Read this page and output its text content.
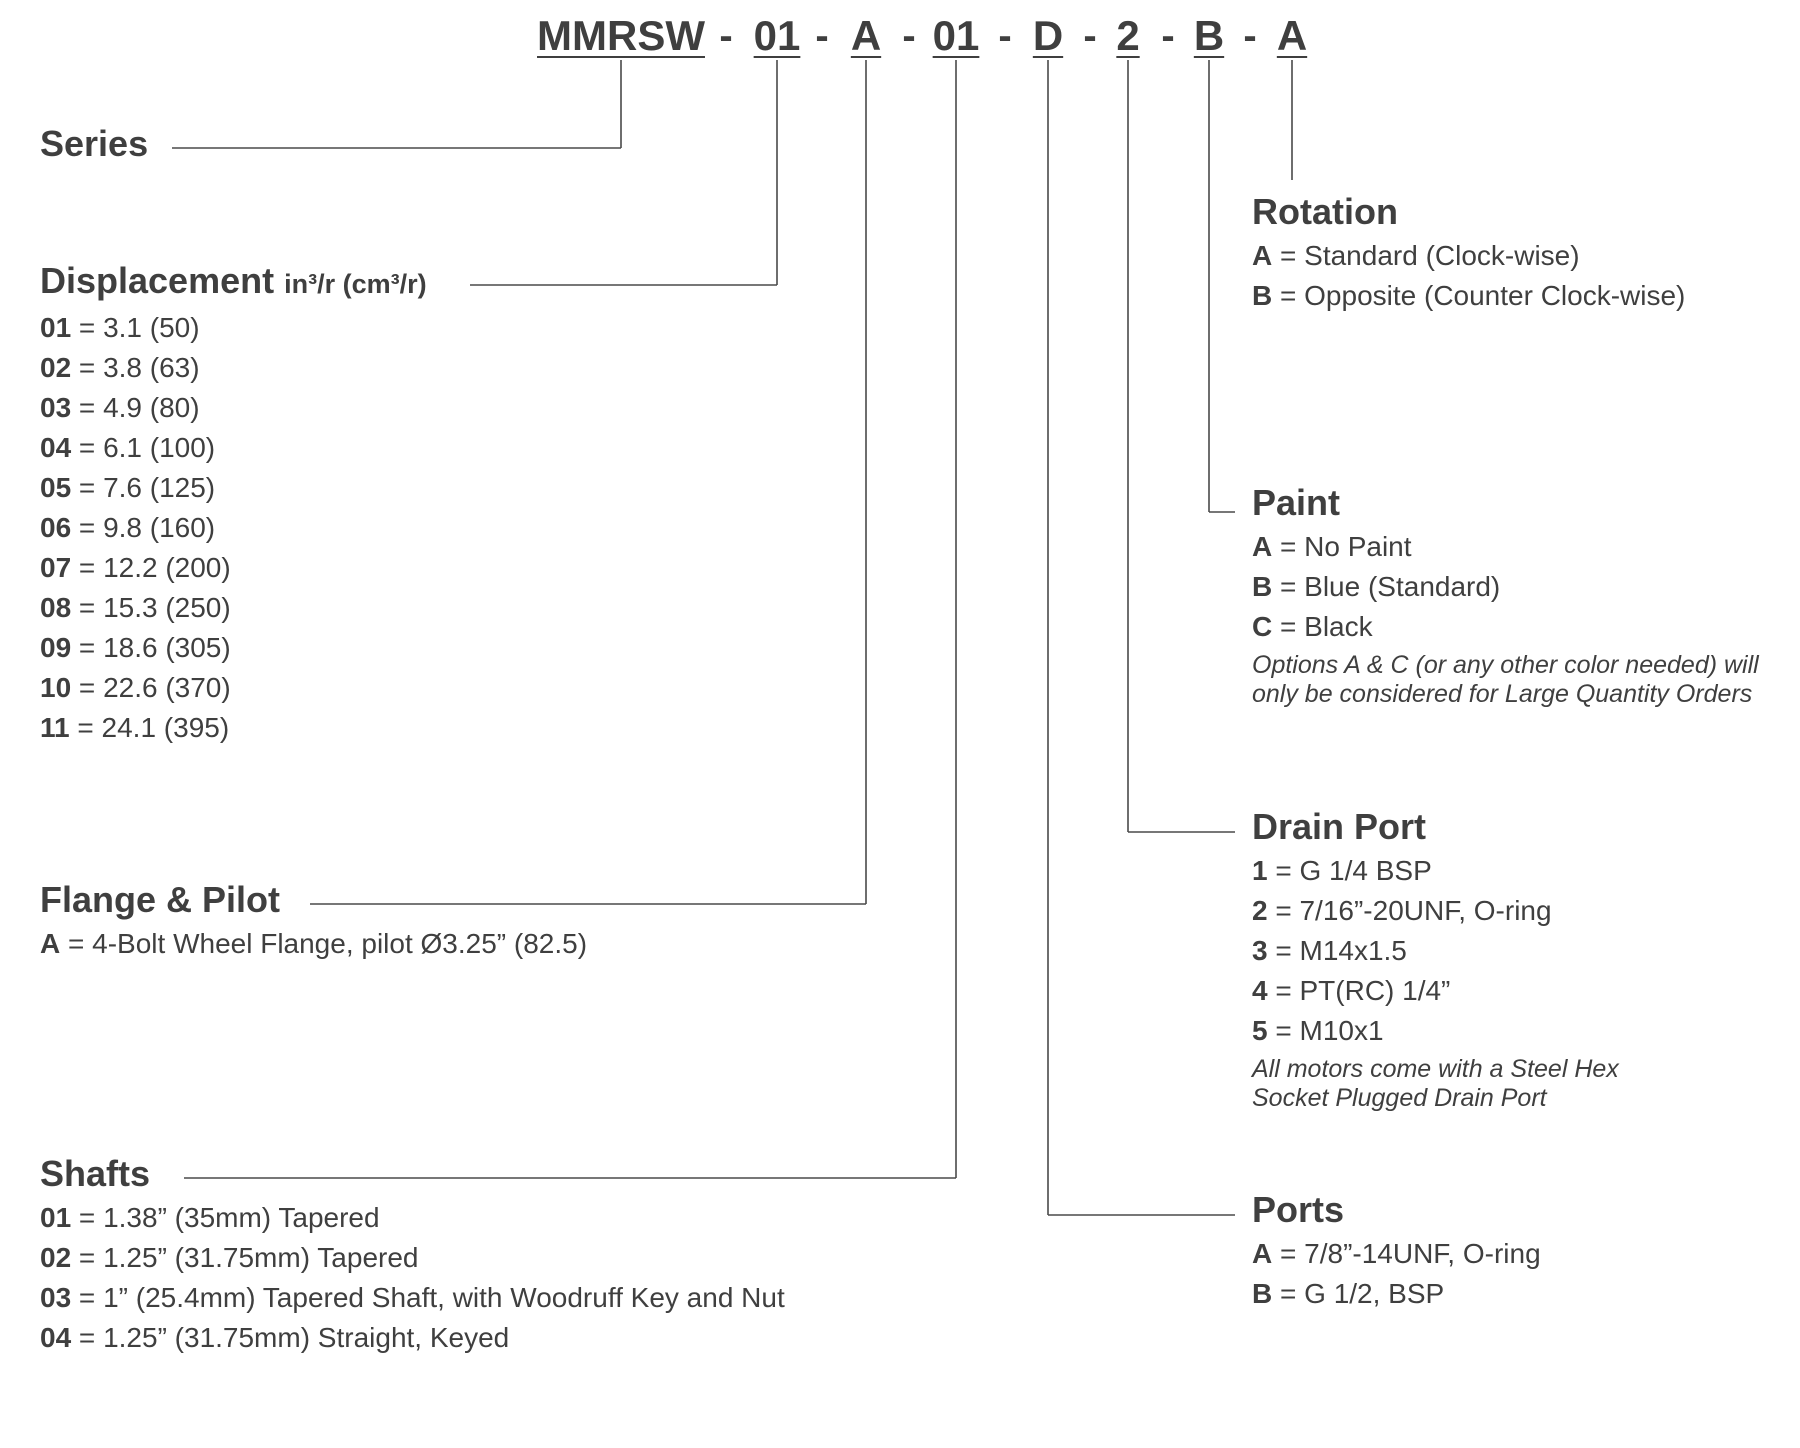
MMRSW - 01 - A - 01 - D - 2 - B - A
Series
Displacement in³/r (cm³/r)
01 = 3.1 (50)
02 = 3.8 (63)
03 = 4.9 (80)
04 = 6.1 (100)
05 = 7.6 (125)
06 = 9.8 (160)
07 = 12.2 (200)
08 = 15.3 (250)
09 = 18.6 (305)
10 = 22.6 (370)
11 = 24.1 (395)
Flange & Pilot
A = 4-Bolt Wheel Flange, pilot Ø3.25” (82.5)
Shafts
01 = 1.38” (35mm) Tapered
02 = 1.25” (31.75mm) Tapered
03 = 1” (25.4mm) Tapered Shaft, with Woodruff Key and Nut
04 = 1.25” (31.75mm) Straight, Keyed
Rotation
A = Standard (Clock-wise)
B = Opposite (Counter Clock-wise)
Paint
A = No Paint
B = Blue (Standard)
C = Black
Options A & C (or any other color needed) will
only be considered for Large Quantity Orders
Drain Port
1 = G 1/4 BSP
2 = 7/16”-20UNF, O-ring
3 = M14x1.5
4 = PT(RC) 1/4”
5 = M10x1
All motors come with a Steel Hex
Socket Plugged Drain Port
Ports
A = 7/8”-14UNF, O-ring
B = G 1/2, BSP
